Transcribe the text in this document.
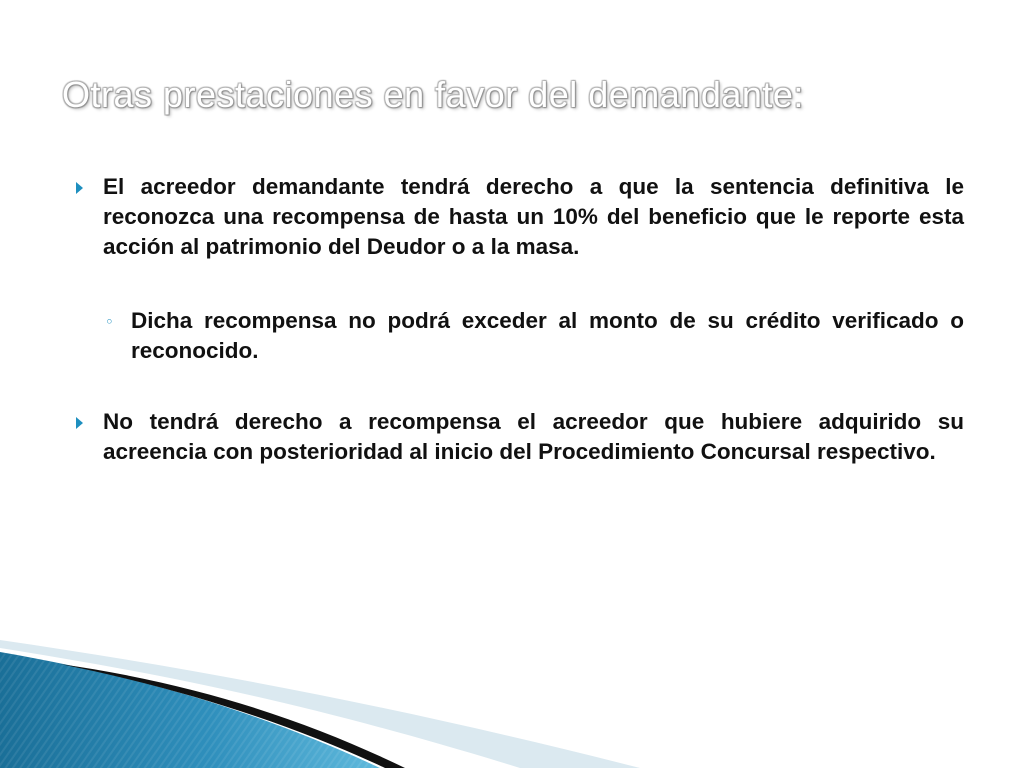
Otras prestaciones en favor del demandante:
El acreedor demandante tendrá derecho a que la sentencia definitiva le reconozca una recompensa de hasta un 10% del beneficio que le reporte esta acción al patrimonio del Deudor o a la masa.
◦ Dicha recompensa no podrá exceder al monto de su crédito verificado o reconocido.
No tendrá derecho a recompensa el acreedor que hubiere adquirido su acreencia con posterioridad al inicio del Procedimiento Concursal respectivo.
